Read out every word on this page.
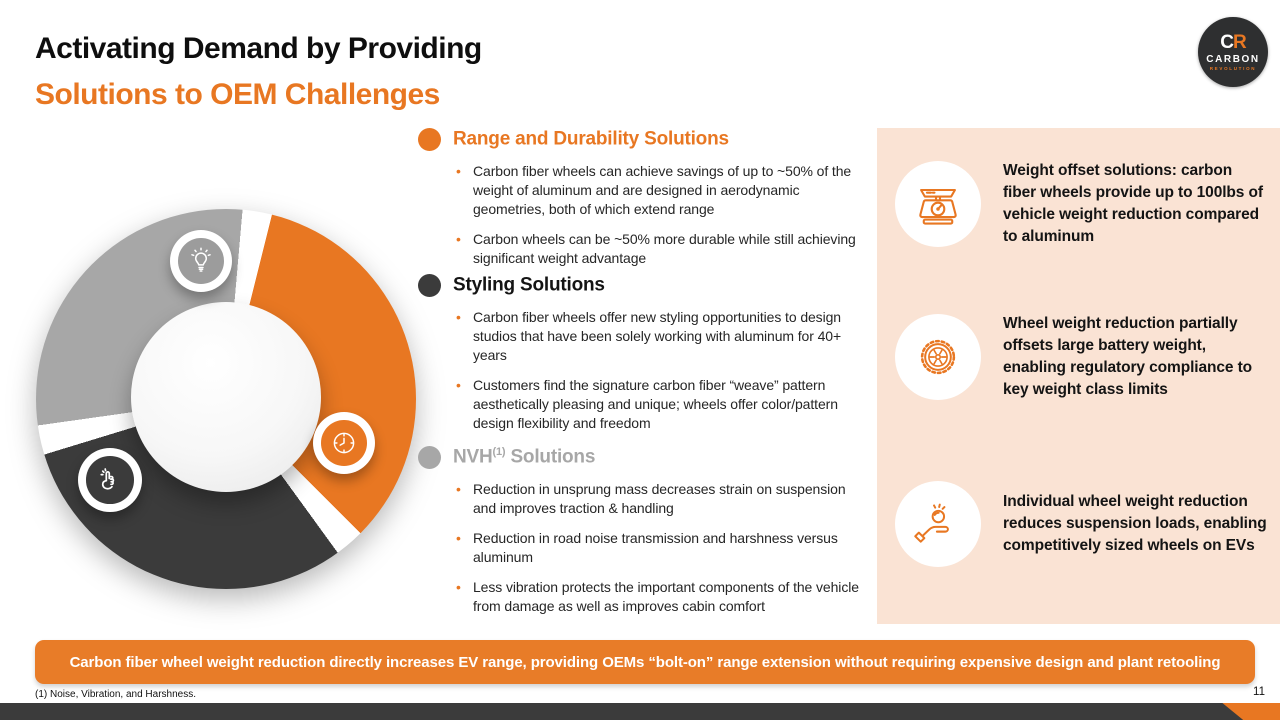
Activating Demand by Providing
Solutions to OEM Challenges
CR
CARBON
REVOLUTION
Range and Durability Solutions
• Carbon fiber wheels can achieve savings of up to ~50% of the weight of aluminum and are designed in aerodynamic geometries, both of which extend range
• Carbon wheels can be ~50% more durable while still achieving significant weight advantage
Styling Solutions
• Carbon fiber wheels offer new styling opportunities to design studios that have been solely working with aluminum for 40+ years
• Customers find the signature carbon fiber “weave” pattern aesthetically pleasing and unique; wheels offer color/pattern design flexibility and freedom
NVH$^{(1)}$ Solutions
• Reduction in unsprung mass decreases strain on suspension and improves traction & handling
• Reduction in road noise transmission and harshness versus aluminum
• Less vibration protects the important components of the vehicle from damage as well as improves cabin comfort
Weight offset solutions: carbon fiber wheels provide up to 100lbs of vehicle weight reduction compared to aluminum
Wheel weight reduction partially offsets large battery weight, enabling regulatory compliance to key weight class limits
Individual wheel weight reduction reduces suspension loads, enabling competitively sized wheels on EVs
Carbon fiber wheel weight reduction directly increases EV range, providing OEMs “bolt-on” range extension without requiring expensive design and plant retooling
(1) Noise, Vibration, and Harshness.	11
